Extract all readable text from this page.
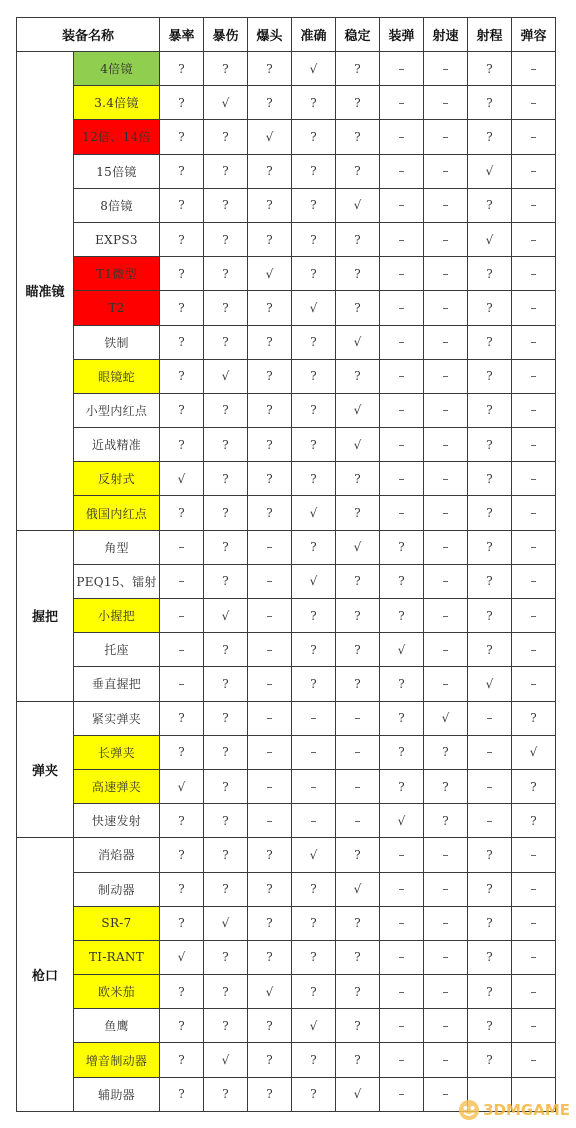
装备名称		暴率	暴伤	爆头	准确	稳定	装弹	射速	射程	弹容
瞄准镜	4倍镜	?	?	?	√	?	–	–	?	–
	3.4倍镜	?	√	?	?	?	–	–	?	–
	12倍、14倍	?	?	√	?	?	–	–	?	–
	15倍镜	?	?	?	?	?	–	–	√	–
	8倍镜	?	?	?	?	√	–	–	?	–
	EXPS3	?	?	?	?	?	–	–	√	–
	T1微型	?	?	√	?	?	–	–	?	–
	T2	?	?	?	√	?	–	–	?	–
	铁制	?	?	?	?	√	–	–	?	–
	眼镜蛇	?	√	?	?	?	–	–	?	–
	小型内红点	?	?	?	?	√	–	–	?	–
	近战精准	?	?	?	?	√	–	–	?	–
	反射式	√	?	?	?	?	–	–	?	–
	俄国内红点	?	?	?	√	?	–	–	?	–
握把	角型	–	?	–	?	√	?	–	?	–
	PEQ15、镭射	–	?	–	√	?	?	–	?	–
	小握把	–	√	–	?	?	?	–	?	–
	托座	–	?	–	?	?	√	–	?	–
	垂直握把	–	?	–	?	?	?	–	√	–
弹夹	紧实弹夹	?	?	–	–	–	?	√	–	?
	长弹夹	?	?	–	–	–	?	?	–	√
	高速弹夹	√	?	–	–	–	?	?	–	?
	快速发射	?	?	–	–	–	√	?	–	?
枪口	消焰器	?	?	?	√	?	–	–	?	–
	制动器	?	?	?	?	√	–	–	?	–
	SR-7	?	√	?	?	?	–	–	?	–
	TI-RANT	√	?	?	?	?	–	–	?	–
	欧米茄	?	?	√	?	?	–	–	?	–
	鱼鹰	?	?	?	√	?	–	–	?	–
	增音制动器	?	√	?	?	?	–	–	?	–
	辅助器	?	?	?	?	√	–	–		
3DMGAME
